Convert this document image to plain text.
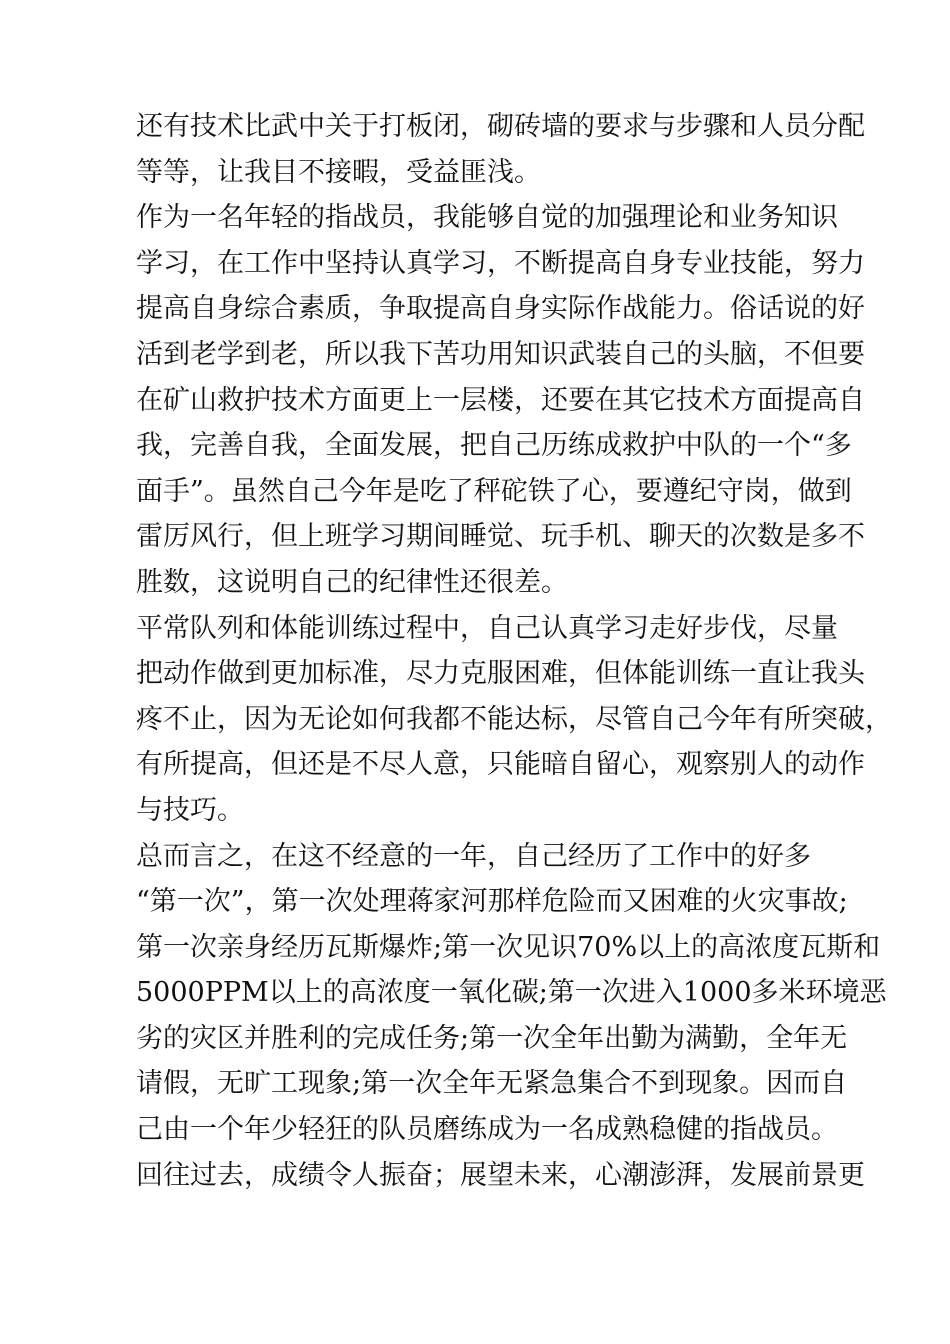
还有技术比武中关于打板闭，砌砖墙的要求与步骤和人员分配
等等，让我目不接暇，受益匪浅。
作为一名年轻的指战员，我能够自觉的加强理论和业务知识
学习，在工作中坚持认真学习，不断提高自身专业技能，努力
提高自身综合素质，争取提高自身实际作战能力。俗话说的好
活到老学到老，所以我下苦功用知识武装自己的头脑，不但要
在矿山救护技术方面更上一层楼，还要在其它技术方面提高自
我，完善自我，全面发展，把自己历练成救护中队的一个“多
面手”。虽然自己今年是吃了秤砣铁了心，要遵纪守岗，做到
雷厉风行，但上班学习期间睡觉、玩手机、聊天的次数是多不
胜数，这说明自己的纪律性还很差。
平常队列和体能训练过程中，自己认真学习走好步伐，尽量
把动作做到更加标准，尽力克服困难，但体能训练一直让我头
疼不止，因为无论如何我都不能达标，尽管自己今年有所突破，
有所提高，但还是不尽人意，只能暗自留心，观察别人的动作
与技巧。
总而言之，在这不经意的一年，自己经历了工作中的好多
“第一次”，第一次处理蒋家河那样危险而又困难的火灾事故;
第一次亲身经历瓦斯爆炸;第一次见识70%以上的高浓度瓦斯和
5000PPM以上的高浓度一氧化碳;第一次进入1000多米环境恶
劣的灾区并胜利的完成任务;第一次全年出勤为满勤，全年无
请假，无旷工现象;第一次全年无紧急集合不到现象。因而自
己由一个年少轻狂的队员磨练成为一名成熟稳健的指战员。
回往过去，成绩令人振奋；展望未来，心潮澎湃，发展前景更
